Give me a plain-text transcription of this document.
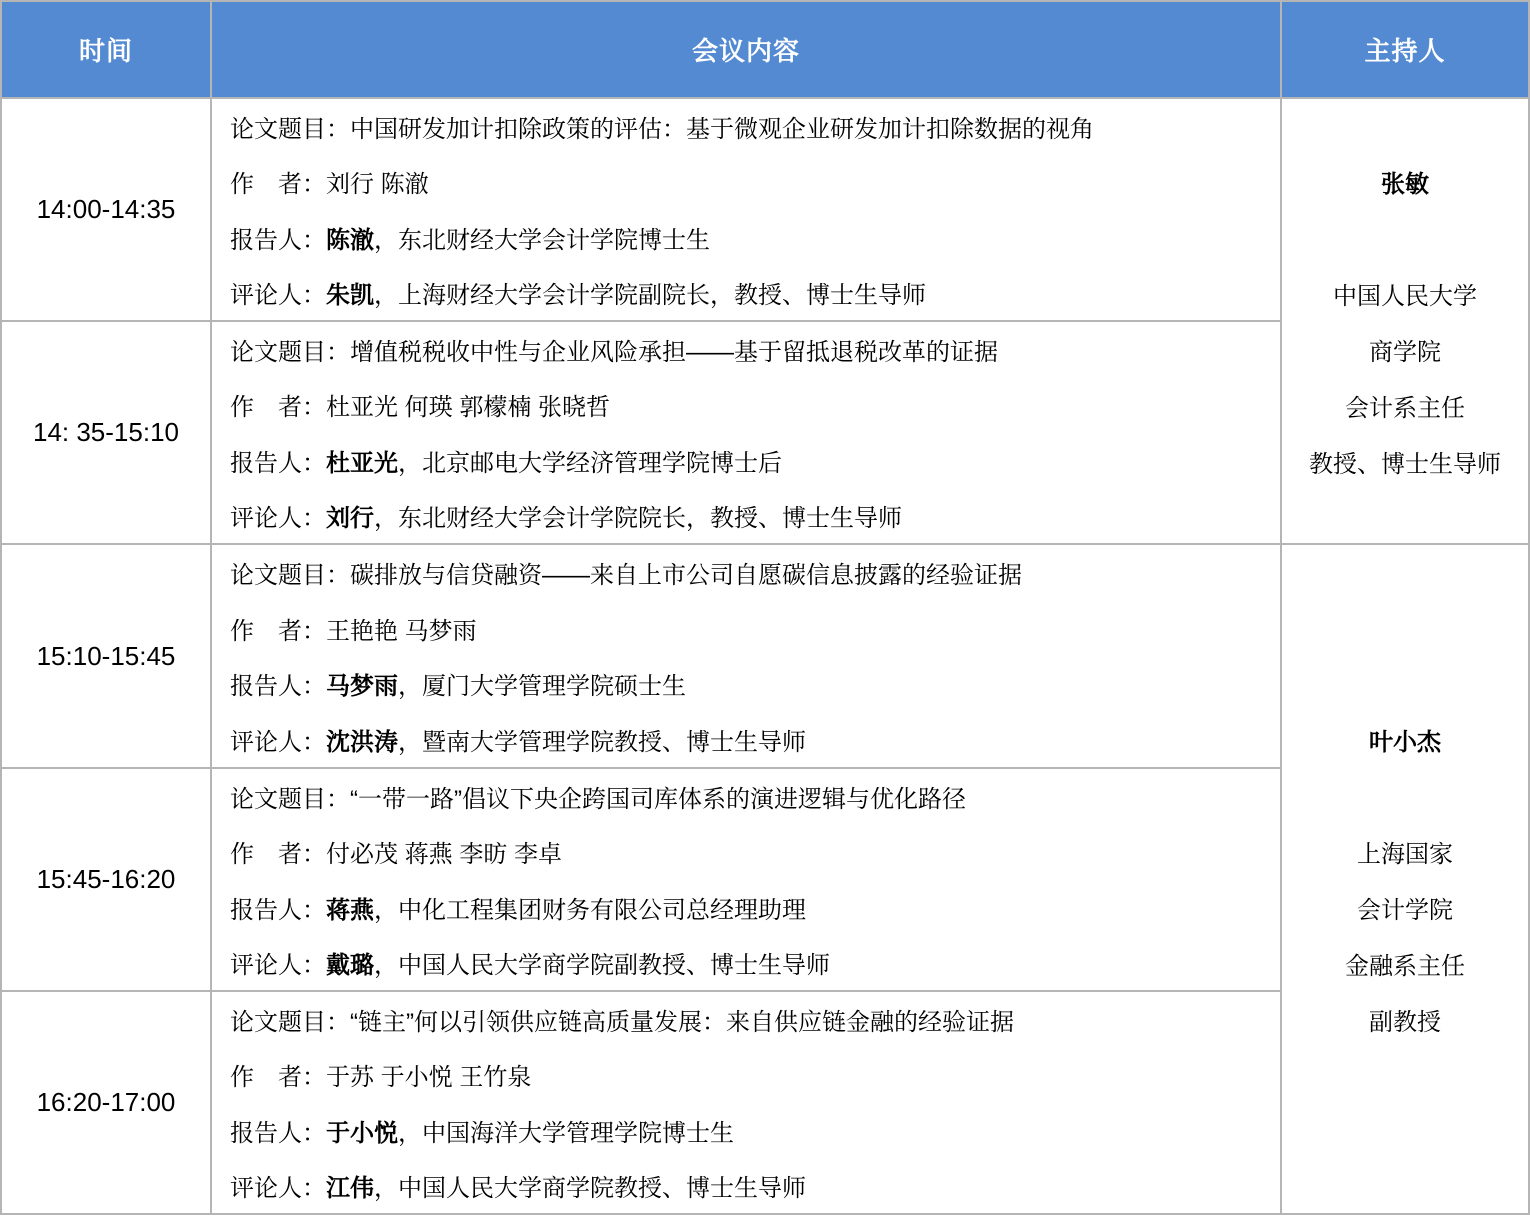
时间	会议内容	主持人
14:00-14:35
论文题目： 中国研发加计扣除政策的评估：基于微观企业研发加计扣除数据的视角
作　者： 刘行 陈澈
报告人： 陈澈 ，东北财经大学会计学院博士生
评论人： 朱凯 ，上海财经大学会计学院副院长，教授、博士生导师
14: 35-15:10
论文题目： 增值税税收中性与企业风险承担——基于留抵退税改革的证据
作　者： 杜亚光 何瑛 郭檬楠 张晓哲
报告人： 杜亚光 ，北京邮电大学经济管理学院博士后
评论人： 刘行 ，东北财经大学会计学院院长，教授、博士生导师
15:10-15:45
论文题目： 碳排放与信贷融资——来自上市公司自愿碳信息披露的经验证据
作　者： 王艳艳 马梦雨
报告人： 马梦雨 ，厦门大学管理学院硕士生
评论人： 沈洪涛 ，暨南大学管理学院教授、博士生导师
15:45-16:20
论文题目： “一带一路”倡议下央企跨国司库体系的演进逻辑与优化路径
作　者： 付必茂 蒋燕 李昉 李卓
报告人： 蒋燕 ，中化工程集团财务有限公司总经理助理
评论人： 戴璐 ，中国人民大学商学院副教授、博士生导师
16:20-17:00
论文题目： “链主”何以引领供应链高质量发展：来自供应链金融的经验证据
作　者： 于苏 于小悦 王竹泉
报告人： 于小悦 ，中国海洋大学管理学院博士生
评论人： 江伟 ，中国人民大学商学院教授、博士生导师
张敏
中国人民大学
商学院
会计系主任
教授、博士生导师
叶小杰
上海国家
会计学院
金融系主任
副教授
